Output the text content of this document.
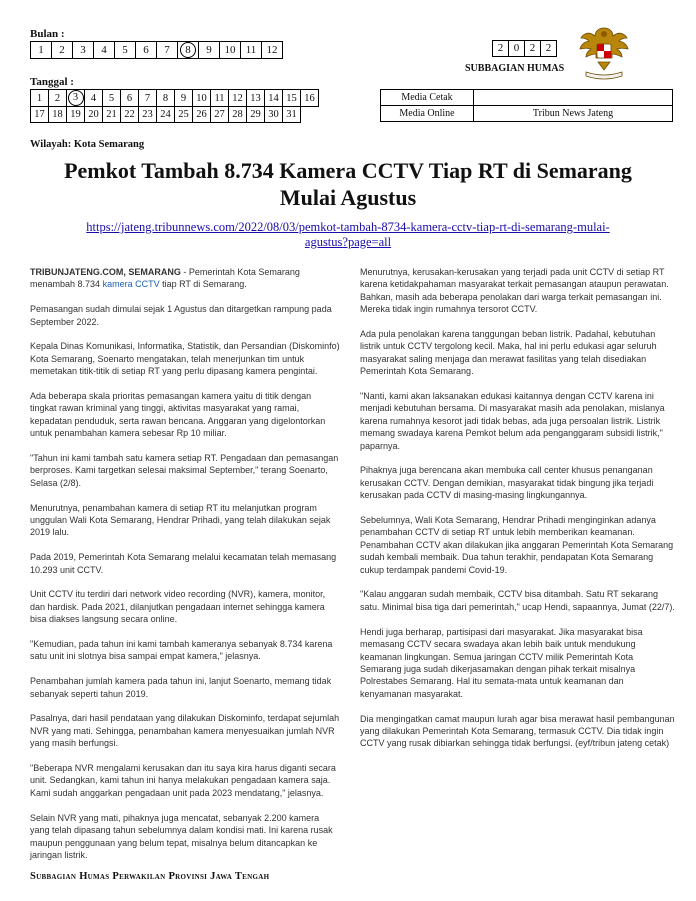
Bulan :
1	2	3	4	5	6	7	8	9	10	11	12	2	0	2	2
SUBBAGIAN HUMAS
Tanggal :
1	2	3	4	5	6	7	8	9	10	11	12	13	14	15	16
17	18	19	20	21	22	23	24	25	26	27	28	29	30	31	
Media Cetak	
Media Online	Tribun News Jateng
Wilayah: Kota Semarang
Pemkot Tambah 8.734 Kamera CCTV Tiap RT di Semarang
Mulai Agustus
https://jateng.tribunnews.com/2022/08/03/pemkot-tambah-8734-kamera-cctv-tiap-rt-di-semarang-mulai-
agustus?page=all

TRIBUNJATENG.COM, SEMARANG - Pemerintah Kota Semarang menambah 8.734 kamera CCTV tiap RT di Semarang.

Pemasangan sudah dimulai sejak 1 Agustus dan ditargetkan rampung pada September 2022.

Kepala Dinas Komunikasi, Informatika, Statistik, dan Persandian (Diskominfo) Kota Semarang, Soenarto mengatakan, telah menerjunkan tim untuk memetakan titik-titik di setiap RT yang perlu dipasang kamera pengintai.

Ada beberapa skala prioritas pemasangan kamera yaitu di titik dengan tingkat rawan kriminal yang tinggi, aktivitas masyarakat yang ramai, kepadatan penduduk, serta rawan bencana. Anggaran yang digelontorkan untuk penambahan kamera sebesar Rp 10 miliar.

"Tahun ini kami tambah satu kamera setiap RT. Pengadaan dan pemasangan berproses. Kami targetkan selesai maksimal September," terang Soenarto, Selasa (2/8).

Menurutnya, penambahan kamera di setiap RT itu melanjutkan program unggulan Wali Kota Semarang, Hendrar Prihadi, yang telah dilakukan sejak 2019 lalu.

Pada 2019, Pemerintah Kota Semarang melalui kecamatan telah memasang 10.293 unit CCTV.

Unit CCTV itu terdiri dari network video recording (NVR), kamera, monitor, dan hardisk. Pada 2021, dilanjutkan pengadaan internet sehingga kamera bisa diakses langsung secara online.

"Kemudian, pada tahun ini kami tambah kameranya sebanyak 8.734 karena satu unit ini slotnya bisa sampai empat kamera," jelasnya.

Penambahan jumlah kamera pada tahun ini, lanjut Soenarto, memang tidak sebanyak seperti tahun 2019.

Pasalnya, dari hasil pendataan yang dilakukan Diskominfo, terdapat sejumlah NVR yang mati. Sehingga, penambahan kamera menyesuaikan jumlah NVR yang masih berfungsi.

"Beberapa NVR mengalami kerusakan dan itu saya kira harus diganti secara unit. Sedangkan, kami tahun ini hanya melakukan pengadaan kamera saja. Kami sudah anggarkan pengadaan unit pada 2023 mendatang," jelasnya.

Selain NVR yang mati, pihaknya juga mencatat, sebanyak 2.200 kamera yang telah dipasang tahun sebelumnya dalam kondisi mati. Ini karena rusak maupun penggunaan yang belum tepat, misalnya belum ditancapkan ke jaringan listrik.

Menurutnya, kerusakan-kerusakan yang terjadi pada unit CCTV di setiap RT karena ketidakpahaman masyarakat terkait pemasangan ataupun perawatan. Bahkan, masih ada beberapa penolakan dari warga terkait pemasangan ini. Mereka tidak ingin rumahnya tersorot CCTV.

Ada pula penolakan karena tanggungan beban listrik. Padahal, kebutuhan listrik untuk CCTV tergolong kecil. Maka, hal ini perlu edukasi agar seluruh masyarakat saling menjaga dan merawat fasilitas yang telah disediakan Pemerintah Kota Semarang.

"Nanti, kami akan laksanakan edukasi kaitannya dengan CCTV karena ini menjadi kebutuhan bersama. Di masyarakat masih ada penolakan, mislanya karena rumahnya kesorot jadi tidak bebas, ada juga persoalan listrik. Listrik memang swadaya karena Pemkot belum ada penganggaram subsidi listrik," paparnya.

Pihaknya juga berencana akan membuka call center khusus penanganan kerusakan CCTV. Dengan demikian, masyarakat tidak bingung jika terjadi kerusakan pada CCTV di masing-masing lingkungannya.

Sebelumnya, Wali Kota Semarang, Hendrar Prihadi menginginkan adanya penambahan CCTV di setiap RT untuk lebih memberikan keamanan. Penambahan CCTV akan dilakukan jika anggaran Pemerintah Kota Semarang sudah kembali membaik. Dua tahun terakhir, pendapatan Kota Semarang cukup terdampak pandemi Covid-19.

"Kalau anggaran sudah membaik, CCTV bisa ditambah. Satu RT sekarang satu. Minimal bisa tiga dari pemerintah," ucap Hendi, sapaannya, Jumat (22/7).

Hendi juga berharap, partisipasi dari masyarakat. Jika masyarakat bisa memasang CCTV secara swadaya akan lebih baik untuk mendukung keamanan lingkungan. Semua jaringan CCTV milik Pemerintah Kota Semarang juga sudah dikerjasamakan dengan pihak terkait misalnya Polrestabes Semarang. Hal itu semata-mata untuk keamanan dan kenyamanan masyarakat.

Dia mengingatkan camat maupun lurah agar bisa merawat hasil pembangunan yang dilakukan Pemerintah Kota Semarang, termasuk CCTV. Dia tidak ingin CCTV yang rusak dibiarkan sehingga tidak berfungsi. (eyf/tribun jateng cetak)

Subbagian Humas Perwakilan Provinsi Jawa Tengah
